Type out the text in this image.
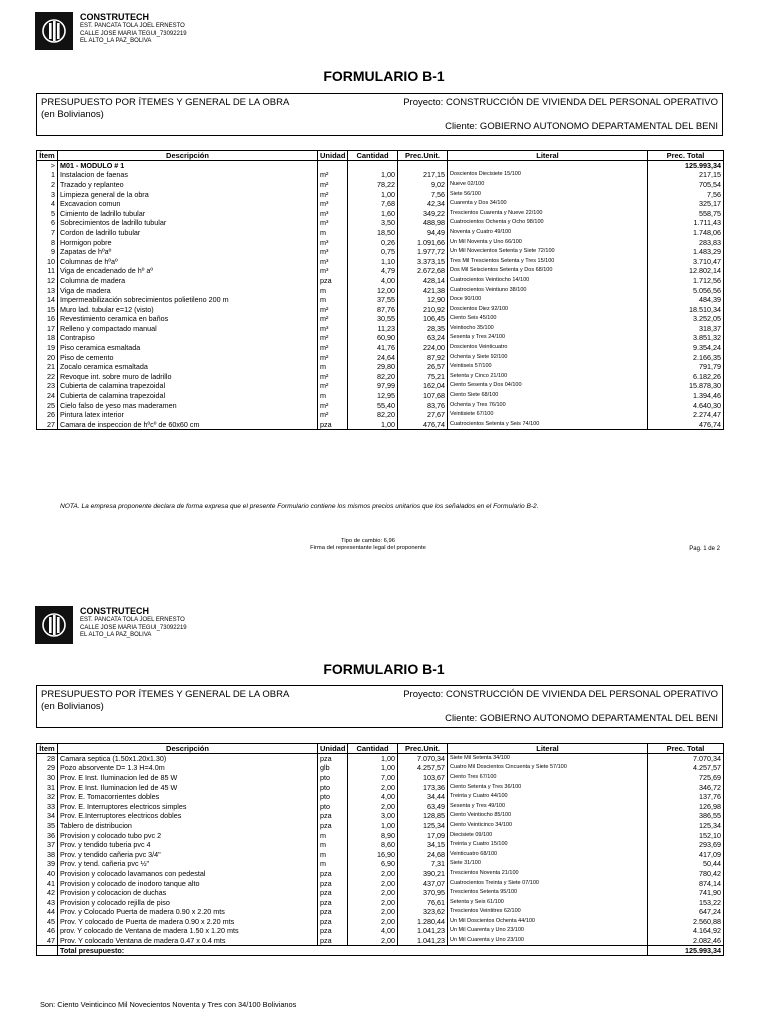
CONSTRUTECH
EST. PANCATA TOLA JOEL ERNESTO
CALLE JOSE MARIA TEGUI_73092219
EL ALTO_LA PAZ_BOLIVA
FORMULARIO B-1
PRESUPUESTO POR ÍTEMES Y GENERAL DE LA OBRA
(en Bolivianos)
Proyecto: CONSTRUCCIÓN DE VIVIENDA DEL PERSONAL OPERATIVO
Cliente: GOBIERNO AUTONOMO DEPARTAMENTAL DEL BENI
Ítem	Descripción	Unidad	Cantidad	Prec.Unit.	Literal	Prec. Total
>	M01 - MODULO # 1					125.993,34
1	Instalacion de faenas	m²	1,00	217,15	Doscientos Diecisiete 15/100	217,15
2	Trazado y replanteo	m²	78,22	9,02	Nueve 02/100	705,54
3	Limpieza general de la obra	m²	1,00	7,56	Siete 56/100	7,56
4	Excavacion comun	m³	7,68	42,34	Cuarenta y Dos 34/100	325,17
5	Cimiento de ladrillo tubular	m³	1,60	349,22	Trescientos Cuarenta y Nueve 22/100	558,75
6	Sobrecimientos de ladrillo tubular	m³	3,50	488,98	Cuatrocientos Ochenta y Ocho 98/100	1.711,43
7	Cordon de ladrillo tubular	m	18,50	94,49	Noventa y Cuatro 49/100	1.748,06
8	Hormigon pobre	m³	0,26	1.091,66	Un Mil Noventa y Uno 66/100	283,83
9	Zapatas de hºaº	m³	0,75	1.977,72	Un Mil Novecientos Setenta y Siete 72/100	1.483,29
10	Columnas de hºaº	m³	1,10	3.373,15	Tres Mil Trescientos Setenta y Tres 15/100	3.710,47
11	Viga de encadenado de hº aº	m³	4,79	2.672,68	Dos Mil Seiscientos Setenta y Dos 68/100	12.802,14
12	Columna de madera	pza	4,00	428,14	Cuatrocientos Veintiocho 14/100	1.712,56
13	Viga de madera	m	12,00	421,38	Cuatrocientos Veintiuno 38/100	5.056,56
14	Impermeabilización sobrecimientos polietileno 200 m	m	37,55	12,90	Doce 90/100	484,39
15	Muro lad. tubular e=12 (visto)	m²	87,76	210,92	Doscientos Diez 92/100	18.510,34
16	Revestimiento ceramica en baños	m²	30,55	106,45	Ciento Seis 45/100	3.252,05
17	Relleno y compactado manual	m³	11,23	28,35	Veintiocho 35/100	318,37
18	Contrapiso	m²	60,90	63,24	Sesenta y Tres 24/100	3.851,32
19	Piso ceramica esmaltada	m²	41,76	224,00	Doscientos Veinticuatro	9.354,24
20	Piso de cemento	m²	24,64	87,92	Ochenta y Siete 92/100	2.166,35
21	Zocalo ceramica esmaltada	m	29,80	26,57	Veintiseis 57/100	791,79
22	Revoque int. sobre muro de ladrillo	m²	82,20	75,21	Setenta y Cinco 21/100	6.182,26
23	Cubierta de calamina trapezoidal	m²	97,99	162,04	Ciento Sesenta y Dos 04/100	15.878,30
24	Cubierta de calamina trapezoidal	m	12,95	107,68	Ciento Siete 68/100	1.394,46
25	Cielo falso de yeso mas maderamen	m²	55,40	83,76	Ochenta y Tres 76/100	4.640,30
26	Pintura latex interior	m²	82,20	27,67	Veintisiete 67/100	2.274,47
27	Camara de inspeccion de hºcº de 60x60 cm	pza	1,00	476,74	Cuatrocientos Setenta y Seis 74/100	476,74
NOTA. La empresa proponente declara de forma expresa que el presente Formulario contiene los mismos precios unitarios que los señalados en el Formulario B-2.
Tipo de cambio: 6,96
Firma del representante legal del proponente	Pag. 1 de 2
CONSTRUTECH
EST. PANCATA TOLA JOEL ERNESTO
CALLE JOSE MARIA TEGUI_73092219
EL ALTO_LA PAZ_BOLIVA
FORMULARIO B-1
PRESUPUESTO POR ÍTEMES Y GENERAL DE LA OBRA
(en Bolivianos)
Proyecto: CONSTRUCCIÓN DE VIVIENDA DEL PERSONAL OPERATIVO
Cliente: GOBIERNO AUTONOMO DEPARTAMENTAL DEL BENI
Ítem	Descripción	Unidad	Cantidad	Prec.Unit.	Literal	Prec. Total
28	Camara septica (1.50x1.20x1.30)	pza	1,00	7.070,34	Siete Mil Setenta 34/100	7.070,34
29	Pozo absorvente D= 1.3 H=4.0m	glb	1,00	4.257,57	Cuatro Mil Doscientos Cincuenta y Siete 57/100	4.257,57
30	Prov. E Inst. Iluminacion led de 85 W	pto	7,00	103,67	Ciento Tres 67/100	725,69
31	Prov. E Inst. Iluminacion led de 45 W	pto	2,00	173,36	Ciento Setenta y Tres 36/100	346,72
32	Prov. E. Tomacorrientes dobles	pto	4,00	34,44	Treinta y Cuatro 44/100	137,76
33	Prov. E. Interruptores electricos simples	pto	2,00	63,49	Sesenta y Tres 49/100	126,98
34	Prov. E.Interruptores electricos dobles	pza	3,00	128,85	Ciento Veintiocho 85/100	386,55
35	Tablero de distribucion	pza	1,00	125,34	Ciento Veinticinco 34/100	125,34
36	Provision y colocado tubo pvc 2	m	8,90	17,09	Diecisiete 09/100	152,10
37	Prov. y tendido tuberia pvc 4	m	8,60	34,15	Treinta y Cuatro 15/100	293,69
38	Prov. y tendido cañeria pvc 3/4"	m	16,90	24,68	Veinticuatro 68/100	417,09
39	Prov. y tend. cañeria pvc ½"	m	6,90	7,31	Siete 31/100	50,44
40	Provision y colocado lavamanos con pedestal	pza	2,00	390,21	Trescientos Noventa 21/100	780,42
41	Provision y colocado de inodoro tanque alto	pza	2,00	437,07	Cuatrocientos Treinta y Siete 07/100	874,14
42	Provision y colocacion de duchas	pza	2,00	370,95	Trescientos Setenta 95/100	741,90
43	Provision y colocado rejilla de piso	pza	2,00	76,61	Setenta y Seis 61/100	153,22
44	Prov. y Colocado Puerta de madera 0.90 x 2.20 mts	pza	2,00	323,62	Trescientos Veintitres 62/100	647,24
45	Prov. Y colocado de Puerta de madera 0.90 x 2.20 mts	pza	2,00	1.280,44	Un Mil Doscientos Ochenta 44/100	2.560,88
46	prov. Y colocado de Ventana de madera 1.50 x 1.20 mts	pza	4,00	1.041,23	Un Mil Cuarenta y Uno 23/100	4.164,92
47	Prov. Y colocado Ventana de madera 0.47 x 0.4 mts	pza	2,00	1.041,23	Un Mil Cuarenta y Uno 23/100	2.082,46
	Total presupuesto:					125.993,34
Son: Ciento Veinticinco Mil Novecientos Noventa y Tres con 34/100 Bolivianos
